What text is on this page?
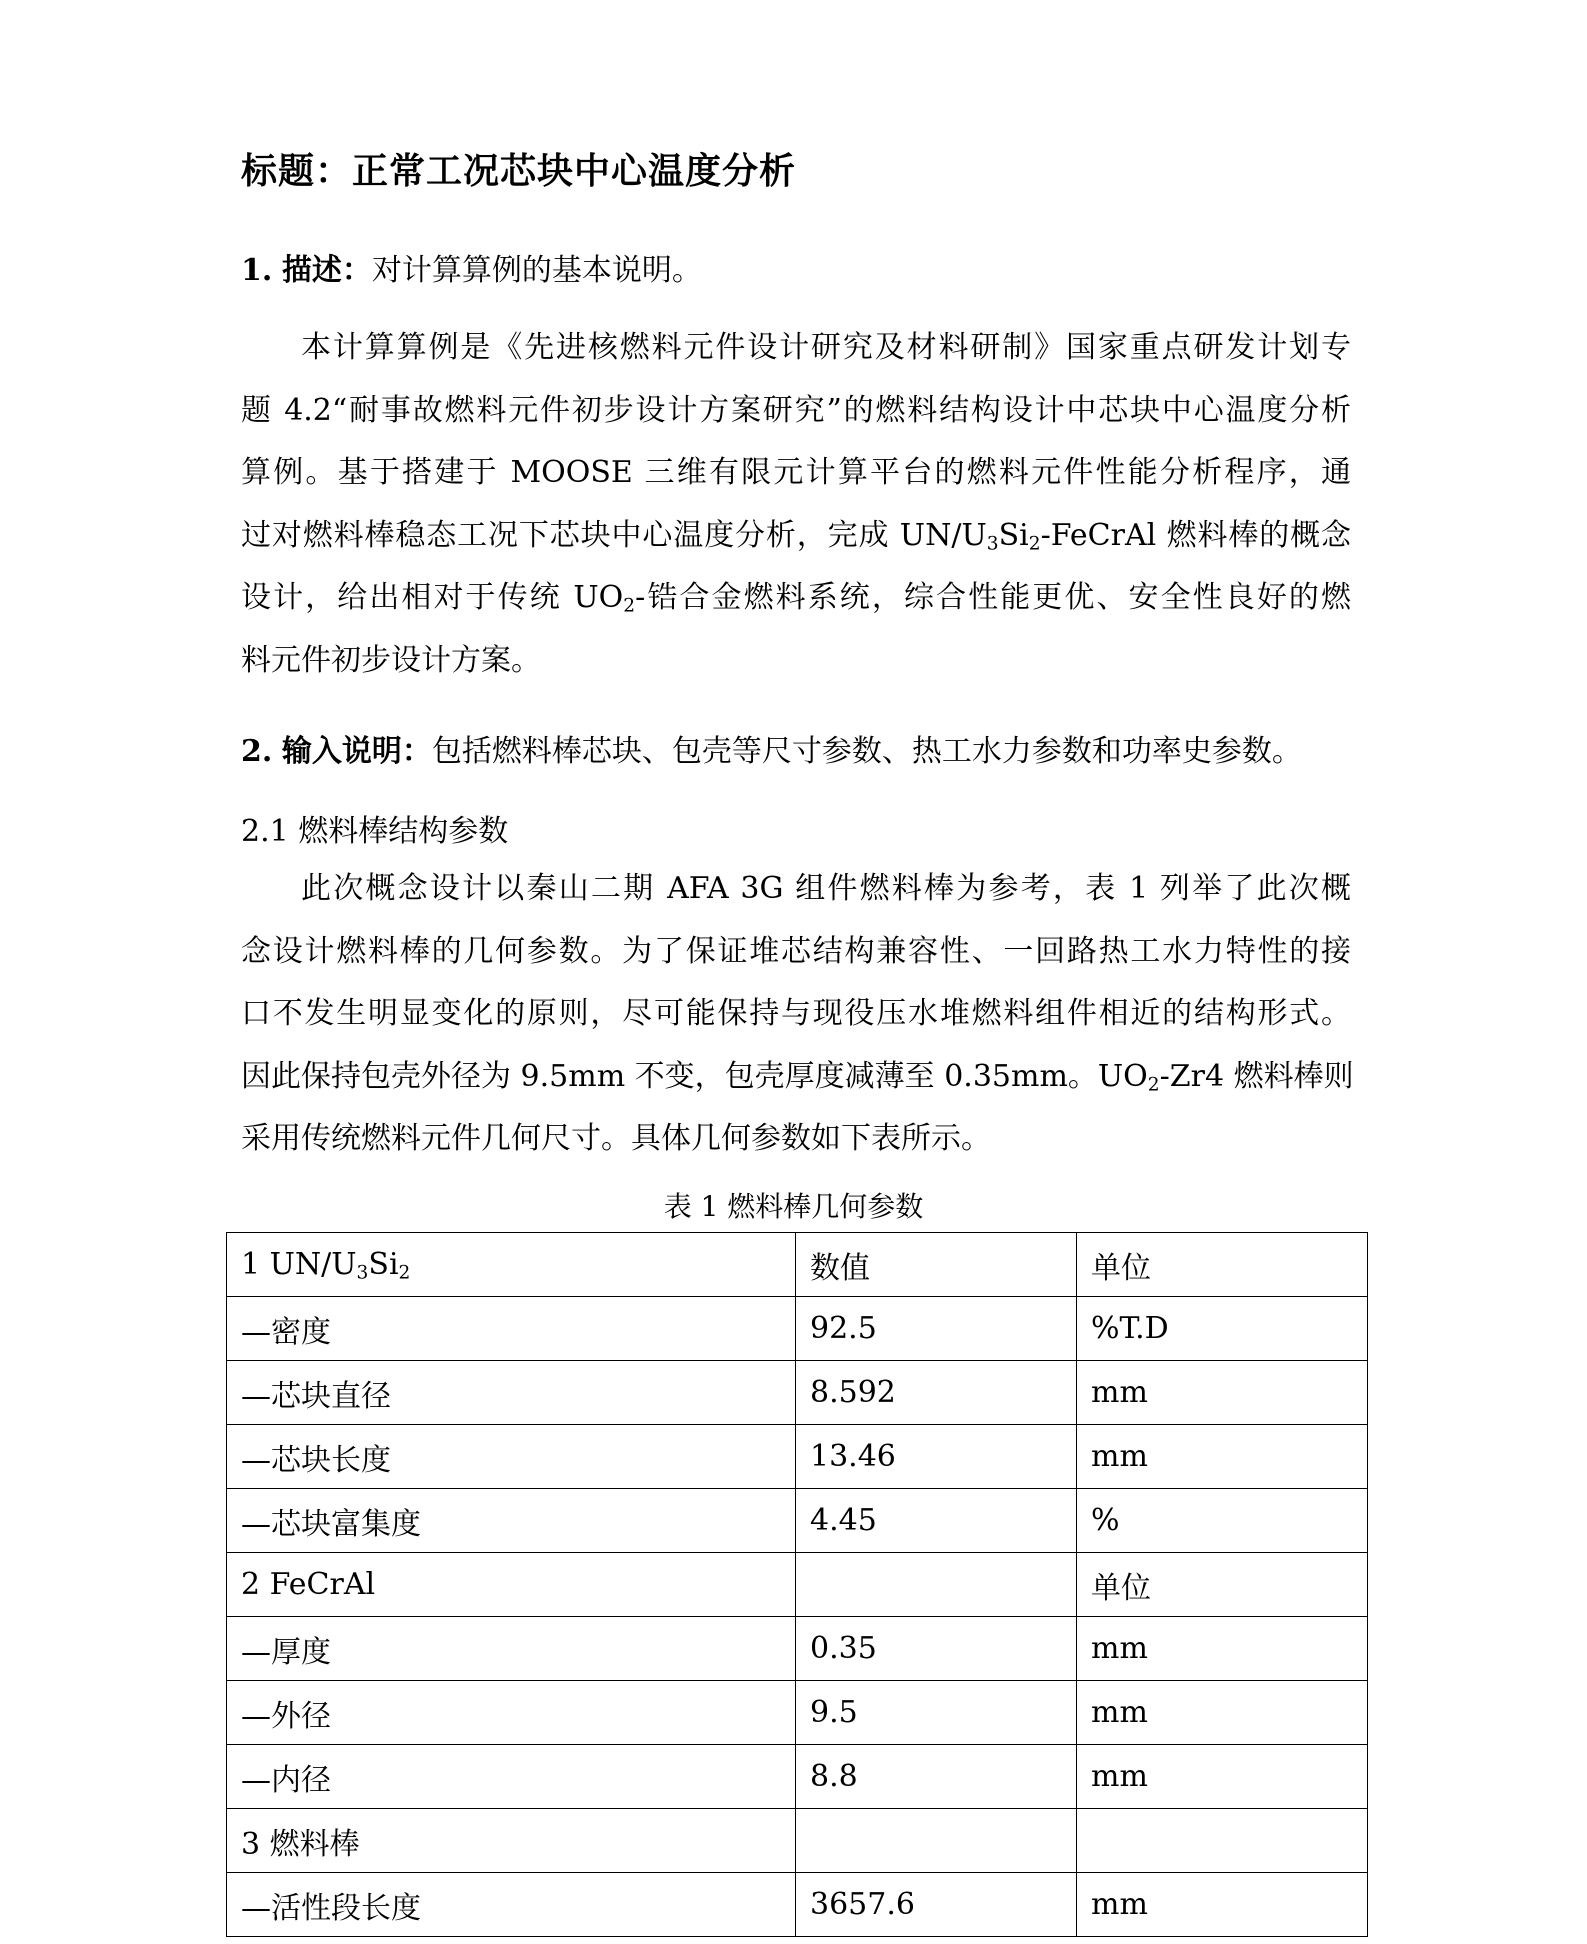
标题：正常工况芯块中心温度分析
1. 描述：对计算算例的基本说明。
本计算算例是《先进核燃料元件设计研究及材料研制》国家重点研发计划专
题 4.2“耐事故燃料元件初步设计方案研究”的燃料结构设计中芯块中心温度分析
算例。基于搭建于 MOOSE 三维有限元计算平台的燃料元件性能分析程序，通
过对燃料棒稳态工况下芯块中心温度分析，完成 $UN/U_3Si_2$-FeCrAl 燃料棒的概念
设计，给出相对于传统 $UO_2-$锆合金燃料系统，综合性能更优、安全性良好的燃
料元件初步设计方案。
2. 输入说明：包括燃料棒芯块、包壳等尺寸参数、热工水力参数和功率史参数。
2.1 燃料棒结构参数
此次概念设计以秦山二期 AFA 3G 组件燃料棒为参考，表 1 列举了此次概
念设计燃料棒的几何参数。为了保证堆芯结构兼容性、一回路热工水力特性的接
口不发生明显变化的原则，尽可能保持与现役压水堆燃料组件相近的结构形式。
因此保持包壳外径为 9.5mm 不变，包壳厚度减薄至 0.35mm。$UO_2-Zr4$ 燃料棒则
采用传统燃料元件几何尺寸。具体几何参数如下表所示。
表 1 燃料棒几何参数
1 $UN/U_3Si_2$	数值	单位
—密度	92.5	%T.D
—芯块直径	8.592	mm
—芯块长度	13.46	mm
—芯块富集度	4.45	%
2 FeCrAl		单位
—厚度	0.35	mm
—外径	9.5	mm
—内径	8.8	mm
3 燃料棒		
—活性段长度	3657.6	mm
